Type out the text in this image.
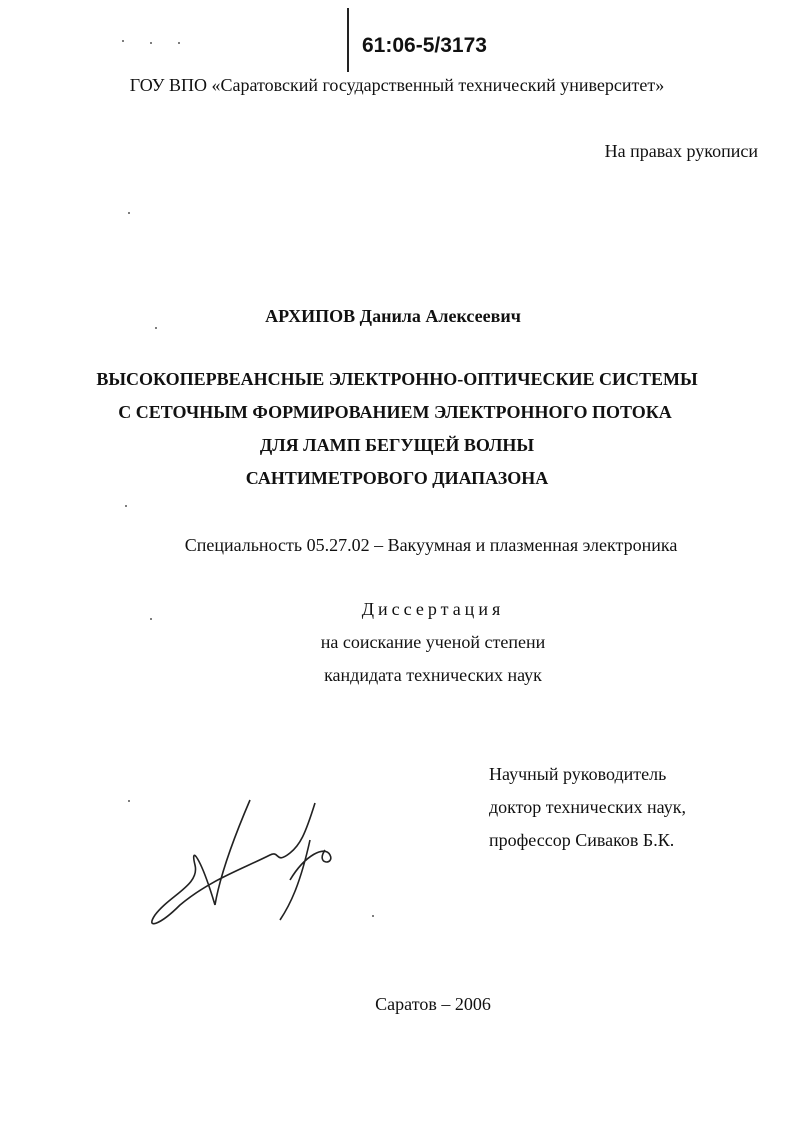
61:06-5/3173
ГОУ ВПО «Саратовский государственный технический университет»
На правах рукописи
АРХИПОВ Данила Алексеевич
ВЫСОКОПЕРВЕАНСНЫЕ ЭЛЕКТРОННО-ОПТИЧЕСКИЕ СИСТЕМЫ
С СЕТОЧНЫМ ФОРМИРОВАНИЕМ ЭЛЕКТРОННОГО ПОТОКА
ДЛЯ ЛАМП БЕГУЩЕЙ ВОЛНЫ
САНТИМЕТРОВОГО ДИАПАЗОНА
Специальность 05.27.02 – Вакуумная и плазменная электроника
Диссертация
на соискание ученой степени
кандидата технических наук
Научный руководитель
доктор технических наук,
профессор Сиваков Б.К.
Саратов – 2006
